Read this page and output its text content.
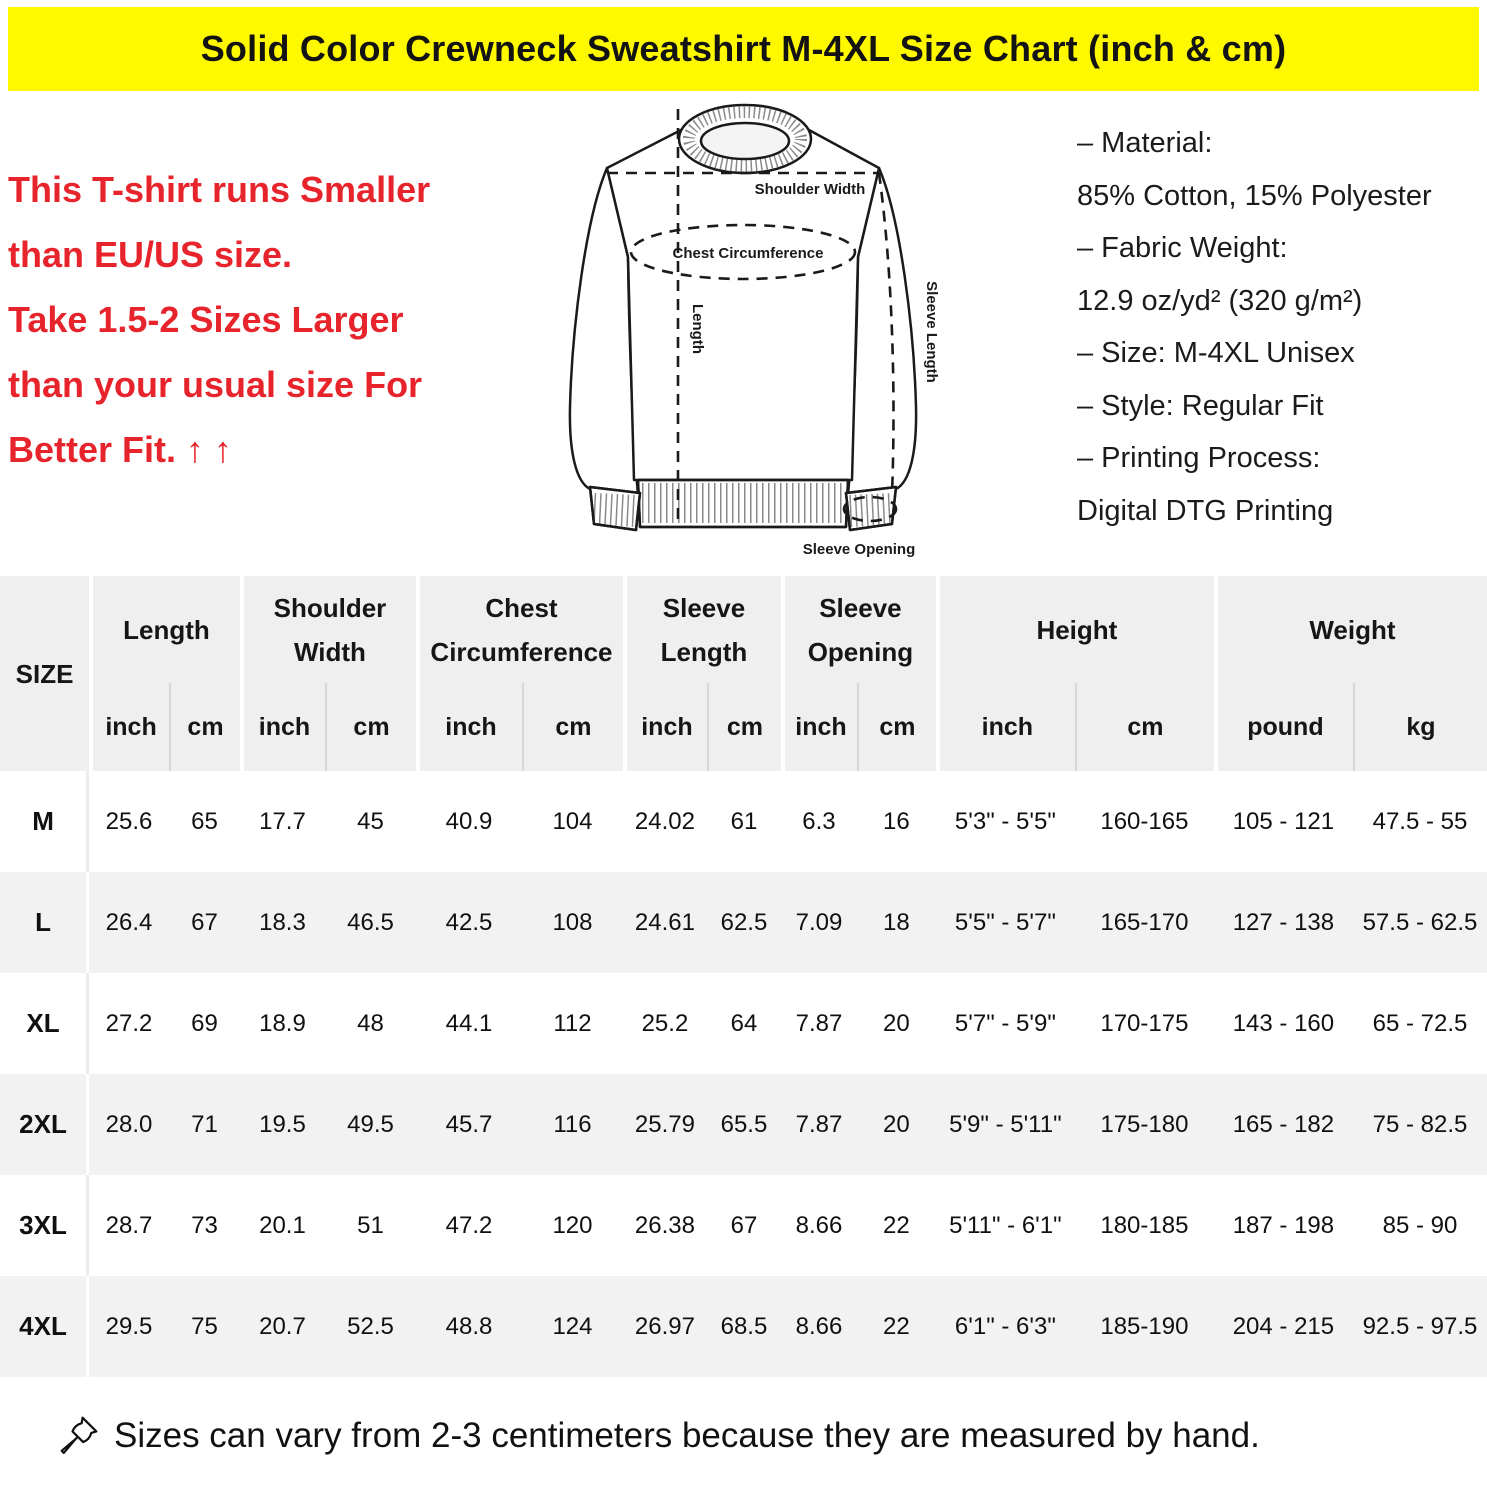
Solid Color Crewneck Sweatshirt M-4XL Size Chart (inch & cm)
This T-shirt runs Smaller
than EU/US size.
Take 1.5-2 Sizes Larger
than your usual size For
Better Fit. ↑ ↑
Shoulder Width
Chest Circumference
Length	Sleeve Length
Sleeve Opening
– Material:
85% Cotton, 15% Polyester
– Fabric Weight:
12.9 oz/yd² (320 g/m²)
– Size: M-4XL Unisex
– Style: Regular Fit
– Printing Process:
Digital DTG Printing
SIZE	Length		Shoulder Width		Chest Circumference		Sleeve Length		Sleeve Opening		Height		Weight	
	inch	cm	inch	cm	inch	cm	inch	cm	inch	cm	inch	cm	pound	kg
M	25.6	65	17.7	45	40.9	104	24.02	61	6.3	16	5'3" - 5'5"	160-165	105 - 121	47.5 - 55
L	26.4	67	18.3	46.5	42.5	108	24.61	62.5	7.09	18	5'5" - 5'7"	165-170	127 - 138	57.5 - 62.5
XL	27.2	69	18.9	48	44.1	112	25.2	64	7.87	20	5'7" - 5'9"	170-175	143 - 160	65 - 72.5
2XL	28.0	71	19.5	49.5	45.7	116	25.79	65.5	7.87	20	5'9" - 5'11"	175-180	165 - 182	75 - 82.5
3XL	28.7	73	20.1	51	47.2	120	26.38	67	8.66	22	5'11" - 6'1"	180-185	187 - 198	85 - 90
4XL	29.5	75	20.7	52.5	48.8	124	26.97	68.5	8.66	22	6'1" - 6'3"	185-190	204 - 215	92.5 - 97.5
Sizes can vary from 2-3 centimeters because they are measured by hand.
